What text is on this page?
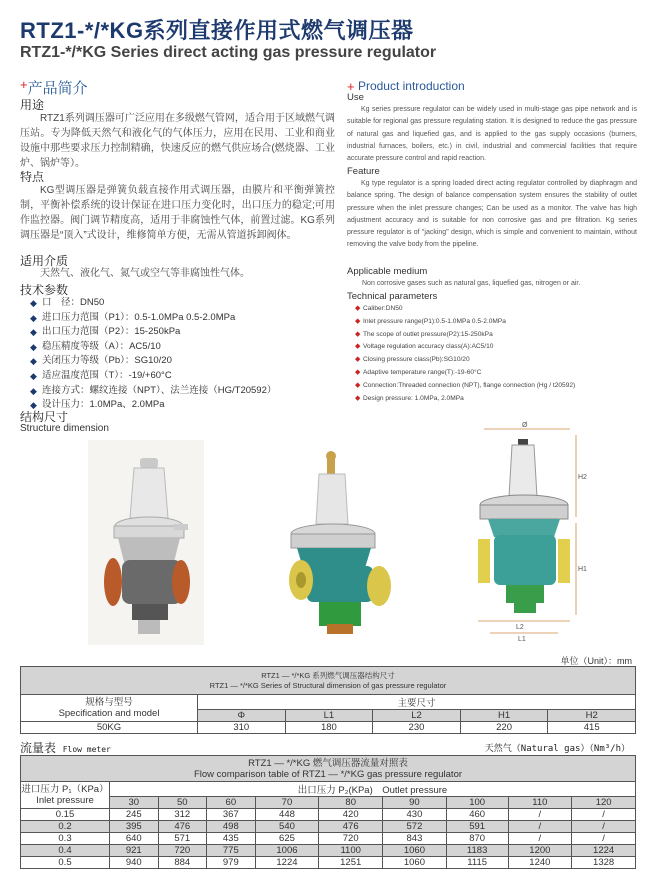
RTZ1-*/*KG系列直接作用式燃气调压器
RTZ1-*/*KG Series direct acting gas pressure regulator
+产品简介
用途
RTZ1系列调压器可广泛应用在多级燃气管网，适合用于区域燃气调压站。专为降低天然气和液化气的气体压力，应用在民用、工业和商业设施中那些要求压力控制精确，快速反应的燃气供应场合(燃烧器、工业炉、锅炉等）。
特点
KG型调压器是弹簧负载直接作用式调压器，由膜片和平衡弹簧控制，平衡补偿系统的设计保证在进口压力变化时，出口压力的稳定;可用作监控器。阀门调节精度高，适用于非腐蚀性气体，前置过滤。KG系列调压器是“顶入”式设计，维修简单方便，无需从管道拆卸阀体。
适用介质
天然气、液化气、氮气或空气等非腐蚀性气体。
技术参数
◆ 口　径：DN50
◆ 进口压力范围（P1）：0.5-1.0MPa 0.5-2.0MPa
◆ 出口压力范围（P2）：15-250kPa
◆ 稳压精度等级（A）：AC5/10
◆ 关闭压力等级（Pb）：SG10/20
◆ 适应温度范围（T）：-19/+60°C
◆ 连接方式：螺纹连接（NPT）、法兰连接（HG/T20592）
◆ 设计压力：1.0MPa、2.0MPa
结构尺寸
Structure dimension
+ Product introduction
Use
Kg series pressure regulator can be widely used in multi-stage gas pipe network and is suitable for regional gas pressure regulating station. It is designed to reduce the gas pressure of natural gas and liquefied gas, and is applied to the gas supply occasions (burners, industrial furnaces, boilers, etc.) in civil, industrial and commercial facilities that require accurate pressure control and rapid reaction.
Feature
Kg type regulator is a spring loaded direct acting regulator controlled by diaphragm and balance spring. The design of balance compensation system ensures the stability of outlet pressure when the inlet pressure changes; Can be used as a monitor. The valve has high adjustment accuracy and is suitable for non corrosive gas and pre filtration. Kg series pressure regulator is of "jacking" design, which is simple and convenient to maintain, without removing the valve body from the pipeline.
Applicable medium
Non corrosive gases such as natural gas, liquefied gas, nitrogen or air.
Technical parameters
◆ Caliber:DN50
◆ Inlet pressure range(P1):0.5-1.0MPa 0.5-2.0MPa
◆ The scope of outlet pressure(P2):15-250kPa
◆ Voltage regulation accuracy class(A):AC5/10
◆ Closing pressure class(Pb):SG10/20
◆ Adaptive temperature range(T):-19-60°C
◆ Connection:Threaded connection (NPT), flange connection (Hg / t20592)
◆ Design pressure: 1.0MPa, 2.0MPa
Ø
H2
H1
L2
L1
单位（Unit）：mm
RTZ1 — */*KG 系列燃气调压器结构尺寸
RTZ1 — */*KG Series of Structural dimension of gas pressure regulator					

规格与型号
Specification and model	主要尺寸				
	Φ	L1	L2	H1	H2
50KG	310	180	230	220	415
流量表 Flow meter	天然气（Natural gas）（Nm³/h）
RTZ1 — */*KG 燃气调压器流量对照表
Flow comparison table of RTZ1 — */*KG gas pressure regulator									

进口压力 P₁（KPa）
Inlet pressure	出口压力 P₂(KPa)　Outlet pressure								
	30	50	60	70	80	90	100	110	120
0.15	245	312	367	448	420	430	460	/	/
0.2	395	476	498	540	476	572	591	/	/
0.3	640	571	435	625	720	843	870	/	/
0.4	921	720	775	1006	1100	1060	1183	1200	1224
0.5	940	884	979	1224	1251	1060	1115	1240	1328
